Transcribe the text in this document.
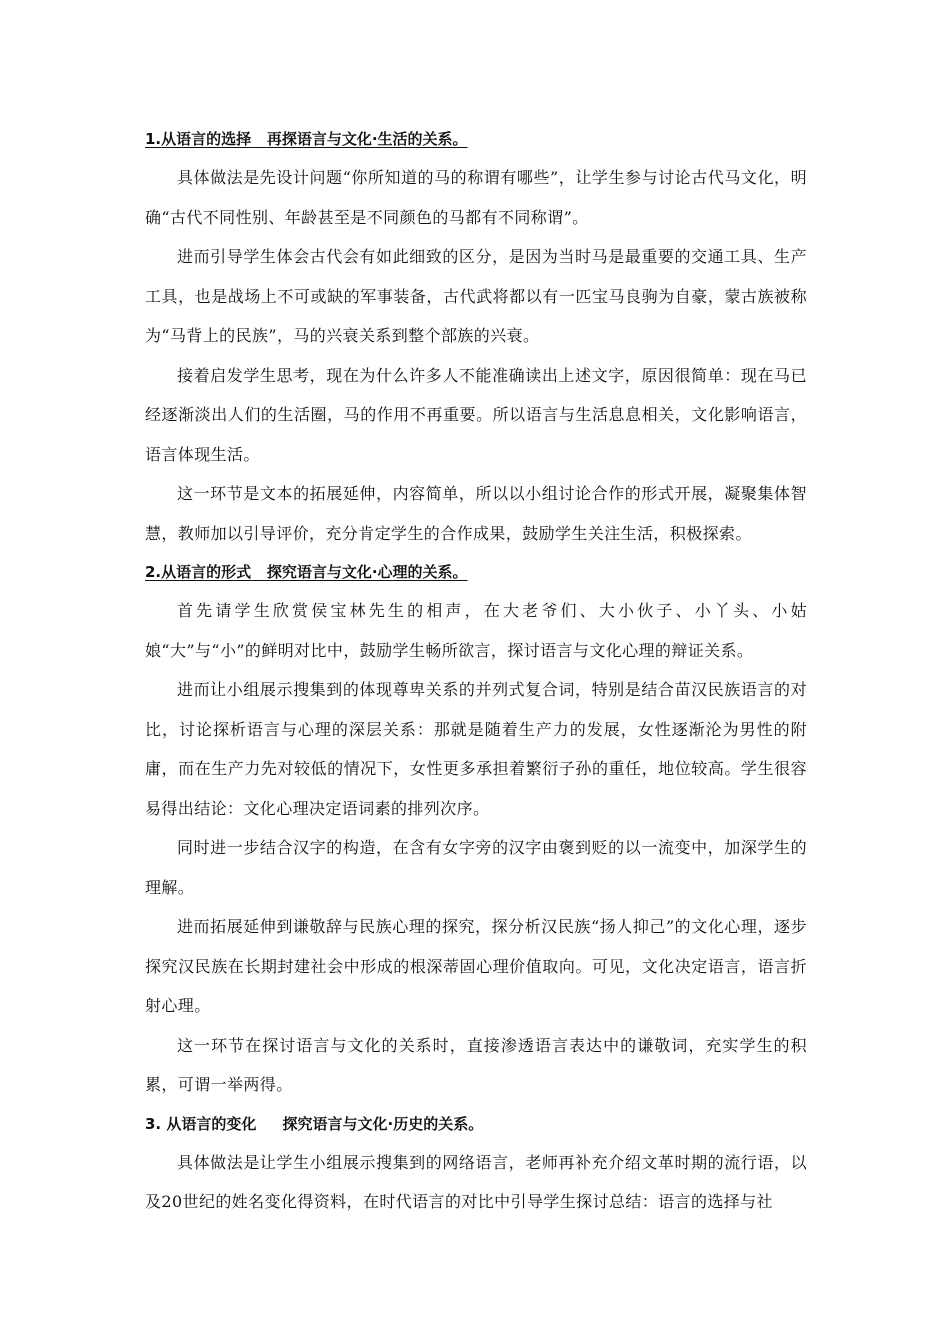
1.从语言的选择 再探语言与文化·生活的关系。

具体做法是先设计问题“你所知道的马的称谓有哪些”，让学生参与讨论古代马文化，明确“古代不同性别、年龄甚至是不同颜色的马都有不同称谓”。

进而引导学生体会古代会有如此细致的区分，是因为当时马是最重要的交通工具、生产工具，也是战场上不可或缺的军事装备，古代武将都以有一匹宝马良驹为自豪，蒙古族被称为“马背上的民族”，马的兴衰关系到整个部族的兴衰。

接着启发学生思考，现在为什么许多人不能准确读出上述文字，原因很简单：现在马已经逐渐淡出人们的生活圈，马的作用不再重要。所以语言与生活息息相关，文化影响语言，语言体现生活。

这一环节是文本的拓展延伸，内容简单，所以以小组讨论合作的形式开展，凝聚集体智慧，教师加以引导评价，充分肯定学生的合作成果，鼓励学生关注生活，积极探索。

2.从语言的形式 探究语言与文化·心理的关系。

首先请学生欣赏侯宝林先生的相声，在大老爷们、大小伙子、小丫头、小姑娘“大”与“小”的鲜明对比中，鼓励学生畅所欲言，探讨语言与文化心理的辩证关系。

进而让小组展示搜集到的体现尊卑关系的并列式复合词，特别是结合苗汉民族语言的对比，讨论探析语言与心理的深层关系：那就是随着生产力的发展，女性逐渐沦为男性的附庸，而在生产力先对较低的情况下，女性更多承担着繁衍子孙的重任，地位较高。学生很容易得出结论：文化心理决定语词素的排列次序。

同时进一步结合汉字的构造，在含有女字旁的汉字由褒到贬的以一流变中，加深学生的理解。

进而拓展延伸到谦敬辞与民族心理的探究，探分析汉民族“扬人抑己”的文化心理，逐步探究汉民族在长期封建社会中形成的根深蒂固心理价值取向。可见，文化决定语言，语言折射心理。

这一环节在探讨语言与文化的关系时，直接渗透语言表达中的谦敬词，充实学生的积累，可谓一举两得。

3. 从语言的变化 探究语言与文化·历史的关系。

具体做法是让学生小组展示搜集到的网络语言，老师再补充介绍文革时期的流行语，以及20世纪的姓名变化得资料，在时代语言的对比中引导学生探讨总结：语言的选择与社
